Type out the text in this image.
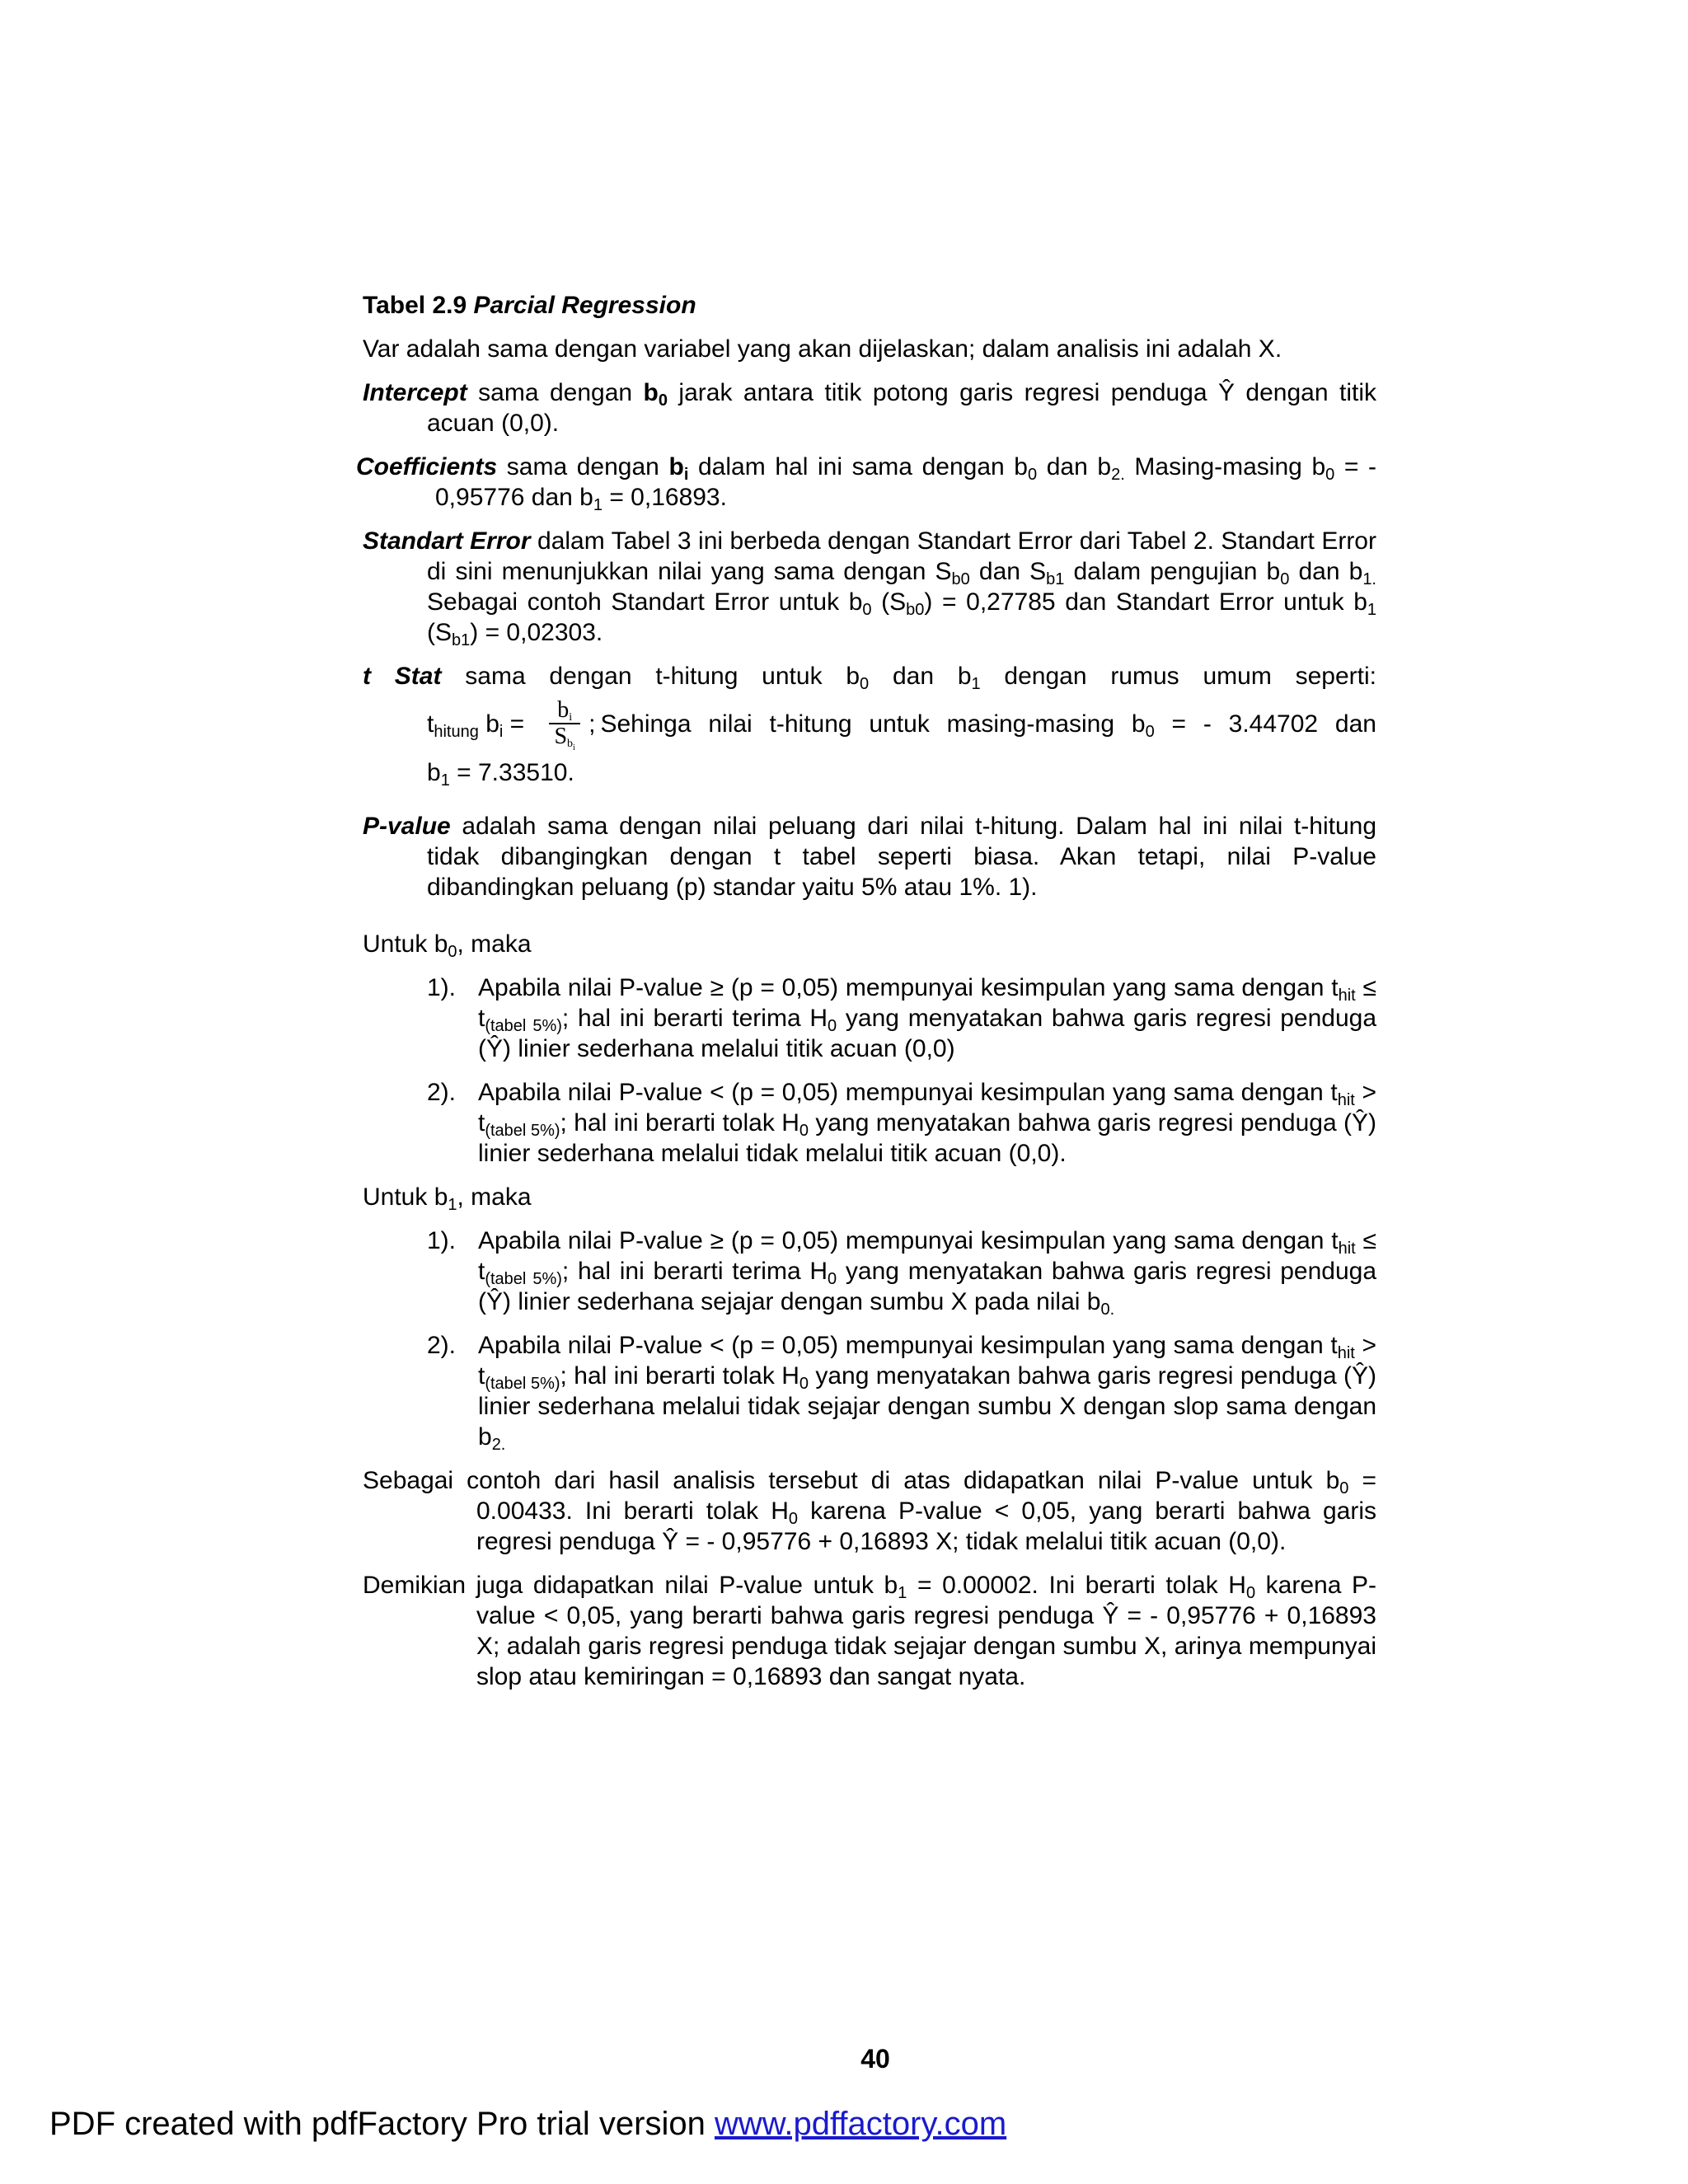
Tabel 2.9 Parcial Regression

Var adalah sama dengan variabel yang akan dijelaskan; dalam analisis ini adalah X.

Intercept sama dengan $b_0$ jarak antara titik potong garis regresi penduga Ŷ dengan titik acuan (0,0).

Coefficients sama dengan $b_i$ dalam hal ini sama dengan $b_0$ dan $b_{2.}$ Masing-masing $b_0$ = - 0,95776 dan $b_1 = 0,16893$.

Standart Error dalam Tabel 3 ini berbeda dengan Standart Error dari Tabel 2. Standart Error di sini menunjukkan nilai yang sama dengan $S_{b0}$ dan $S_{b1}$ dalam pengujian $b_0$ dan $b_{1.}$ Sebagai contoh Standart Error untuk $b_0$ $(S_{b0}) = 0,27785$ dan Standart Error untuk $b_1$ $(S_{b1}) = 0,02303$.

t Stat sama dengan t-hitung untuk $b_0$ dan $b_1$ dengan rumus umum seperti:

$t_{hitung}$ $b_i = \frac{b_i}{S_{b_i}}$ ; Sehinga nilai t-hitung untuk masing-masing $b_0$ = - 3.44702 dan
$b_1 = 7.33510$.

P-value adalah sama dengan nilai peluang dari nilai t-hitung. Dalam hal ini nilai t-hitung tidak dibangingkan dengan t tabel seperti biasa. Akan tetapi, nilai P-value dibandingkan peluang (p) standar yaitu 5% atau 1%. 1).

Untuk $b_0$, maka

1). Apabila nilai P-value ≥ (p = 0,05) mempunyai kesimpulan yang sama dengan $t_{hit} \le t_{(tabel 5\%)}$; hal ini berarti terima $H_0$ yang menyatakan bahwa garis regresi penduga (Ŷ) linier sederhana melalui titik acuan (0,0)

2). Apabila nilai P-value < (p = 0,05) mempunyai kesimpulan yang sama dengan $t_{hit} > t_{(tabel 5\%)}$; hal ini berarti tolak $H_0$ yang menyatakan bahwa garis regresi penduga (Ŷ) linier sederhana melalui tidak melalui titik acuan (0,0).

Untuk $b_1$, maka

1). Apabila nilai P-value ≥ (p = 0,05) mempunyai kesimpulan yang sama dengan $t_{hit} \le t_{(tabel 5\%)}$; hal ini berarti terima $H_0$ yang menyatakan bahwa garis regresi penduga (Ŷ) linier sederhana sejajar dengan sumbu X pada nilai $b_{0.}$

2). Apabila nilai P-value < (p = 0,05) mempunyai kesimpulan yang sama dengan $t_{hit} > t_{(tabel 5\%)}$; hal ini berarti tolak $H_0$ yang menyatakan bahwa garis regresi penduga (Ŷ) linier sederhana melalui tidak sejajar dengan sumbu X dengan slop sama dengan $b_{2.}$

Sebagai contoh dari hasil analisis tersebut di atas didapatkan nilai P-value untuk $b_0 = 0.00433$. Ini berarti tolak $H_0$ karena P-value < 0,05, yang berarti bahwa garis regresi penduga Ŷ = - 0,95776 + 0,16893 X; tidak melalui titik acuan (0,0).

Demikian juga didapatkan nilai P-value untuk $b_1 = 0.00002$. Ini berarti tolak $H_0$ karena P-value < 0,05, yang berarti bahwa garis regresi penduga Ŷ = - 0,95776 + 0,16893 X; adalah garis regresi penduga tidak sejajar dengan sumbu X, arinya mempunyai slop atau kemiringan = 0,16893 dan sangat nyata.

40
PDF created with pdfFactory Pro trial version www.pdffactory.com
